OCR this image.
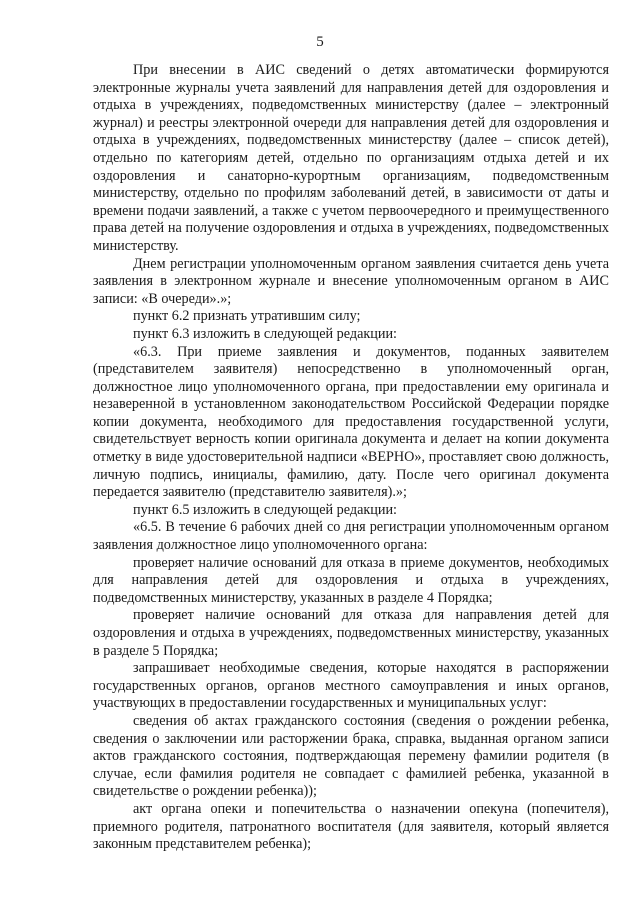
5

При внесении в АИС сведений о детях автоматически формируются электронные журналы учета заявлений для направления детей для оздоровления и отдыха в учреждениях, подведомственных министерству (далее – электронный журнал) и реестры электронной очереди для направления детей для оздоровления и отдыха в учреждениях, подведомственных министерству (далее – список детей), отдельно по категориям детей, отдельно по организациям отдыха детей и их оздоровления и санаторно-курортным организациям, подведомственным министерству, отдельно по профилям заболеваний детей, в зависимости от даты и времени подачи заявлений, а также с учетом первоочередного и преимущественного права детей на получение оздоровления и отдыха в учреждениях, подведомственных министерству.

Днем регистрации уполномоченным органом заявления считается день учета заявления в электронном журнале и внесение уполномоченным органом в АИС записи: «В очереди».»;

пункт 6.2 признать утратившим силу;

пункт 6.3 изложить в следующей редакции:

«6.3. При приеме заявления и документов, поданных заявителем (представителем заявителя) непосредственно в уполномоченный орган, должностное лицо уполномоченного органа, при предоставлении ему оригинала и незаверенной в установленном законодательством Российской Федерации порядке копии документа, необходимого для предоставления государственной услуги, свидетельствует верность копии оригинала документа и делает на копии документа отметку в виде удостоверительной надписи «ВЕРНО», проставляет свою должность, личную подпись, инициалы, фамилию, дату. После чего оригинал документа передается заявителю (представителю заявителя).»;

пункт 6.5 изложить в следующей редакции:

«6.5. В течение 6 рабочих дней со дня регистрации уполномоченным органом заявления должностное лицо уполномоченного органа:

проверяет наличие оснований для отказа в приеме документов, необходимых для направления детей для оздоровления и отдыха в учреждениях, подведомственных министерству, указанных в разделе 4 Порядка;

проверяет наличие оснований для отказа для направления детей для оздоровления и отдыха в учреждениях, подведомственных министерству, указанных в разделе 5 Порядка;

запрашивает необходимые сведения, которые находятся в распоряжении государственных органов, органов местного самоуправления и иных органов, участвующих в предоставлении государственных и муниципальных услуг:

сведения об актах гражданского состояния (сведения о рождении ребенка, сведения о заключении или расторжении брака, справка, выданная органом записи актов гражданского состояния, подтверждающая перемену фамилии родителя (в случае, если фамилия родителя не совпадает с фамилией ребенка, указанной в свидетельстве о рождении ребенка));

акт органа опеки и попечительства о назначении опекуна (попечителя), приемного родителя, патронатного воспитателя (для заявителя, который является законным представителем ребенка);
